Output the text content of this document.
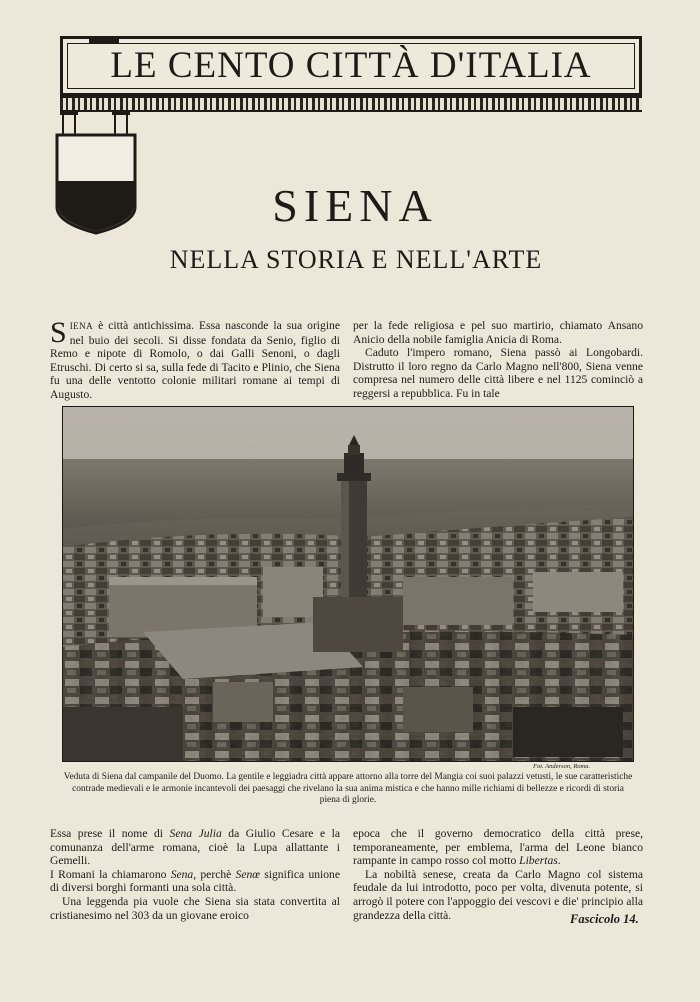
LE CENTO CITTÀ D'ITALIA
SIENA
NELLA STORIA E NELL'ARTE

SIENA è città antichissima. Essa nasconde la sua origine nel buio dei secoli. Si disse fondata da Senio, figlio di Remo e nipote di Romolo, o dai Galli Senoni, o dagli Etruschi. Di certo si sa, sulla fede di Tacito e Plinio, che Siena fu una delle ventotto colonie militari romane ai tempi di Augusto.

per la fede religiosa e pel suo martirio, chiamato Ansano Anicio della nobile famiglia Anicia di Roma.

Caduto l'impero romano, Siena passò ai Longobardi. Distrutto il loro regno da Carlo Magno nell'800, Siena venne compresa nel numero delle città libere e nel 1125 cominciò a reggersi a repubblica. Fu in tale

Fot. Anderson, Roma.
Veduta di Siena dal campanile del Duomo. La gentile e leggiadra città appare attorno alla torre del Mangia coi suoi palazzi vetusti, le sue caratteristiche contrade medievali e le armonie incantevoli dei paesaggi che rivelano la sua anima mistica e che hanno mille richiami di bellezze e ricordi di storia piena di glorie.

Essa prese il nome di Sena Julia da Giulio Cesare e la comunanza dell'arme romana, cioè la Lupa allattante i Gemelli.

I Romani la chiamarono Sena, perchè Senœ significa unione di diversi borghi formanti una sola città.

Una leggenda pia vuole che Siena sia stata convertita al cristianesimo nel 303 da un giovane eroico

epoca che il governo democratico della città prese, temporaneamente, per emblema, l'arma del Leone bianco rampante in campo rosso col motto Libertas.

La nobiltà senese, creata da Carlo Magno col sistema feudale da lui introdotto, poco per volta, divenuta potente, si arrogò il potere con l'appoggio dei vescovi e die' principio alla grandezza della città.	Fascicolo 14.
